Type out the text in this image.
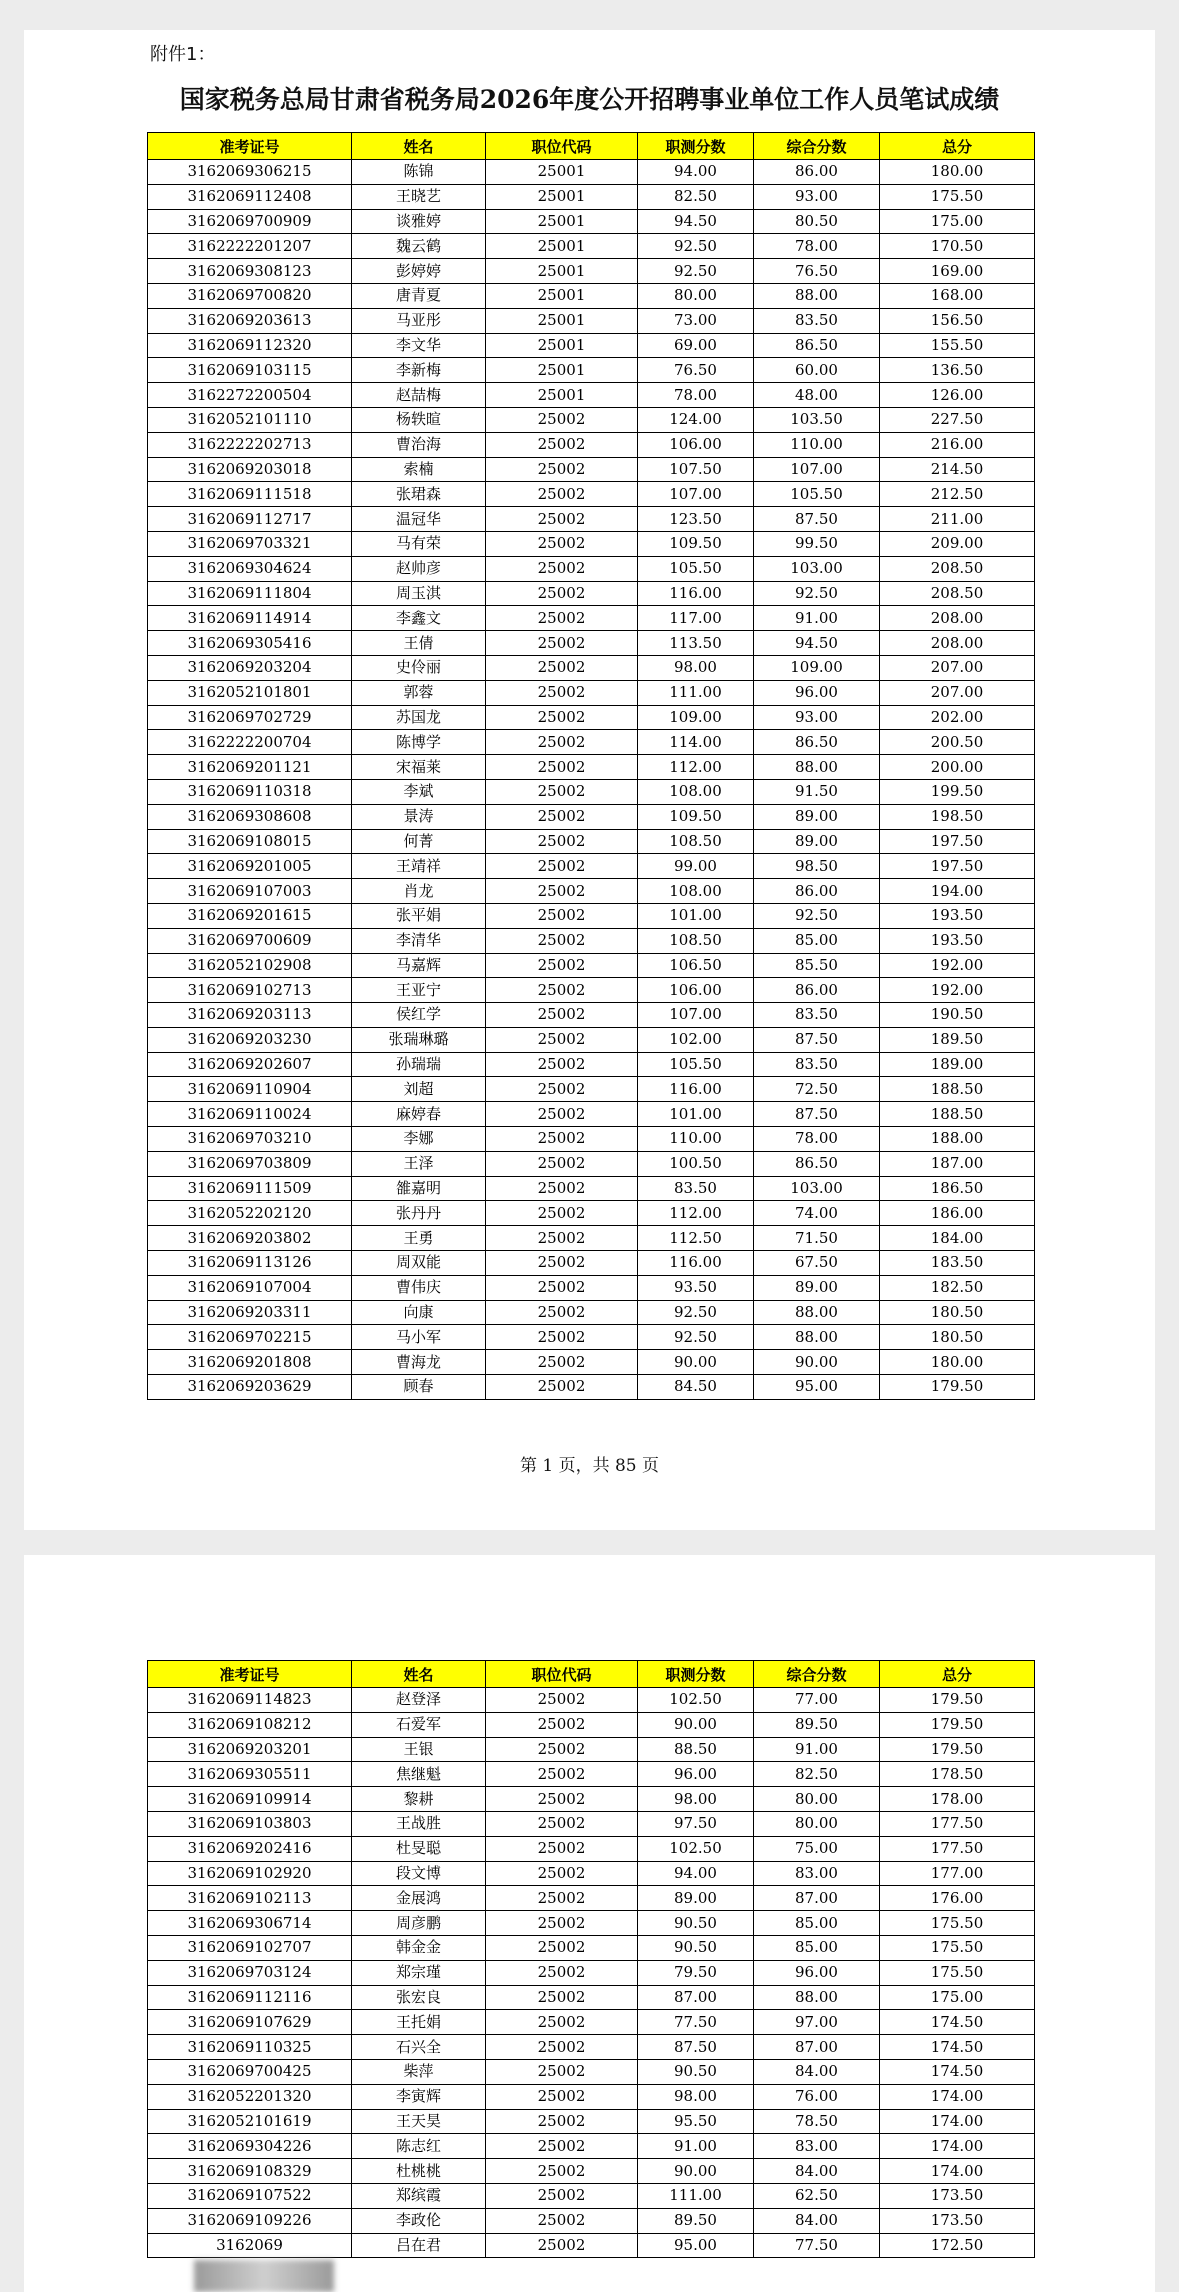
附件1：
国家税务总局甘肃省税务局2026年度公开招聘事业单位工作人员笔试成绩
准考证号	姓名	职位代码	职测分数	综合分数	总分
3162069306215	陈锦	25001	94.00	86.00	180.00
3162069112408	王晓艺	25001	82.50	93.00	175.50
3162069700909	谈雅婷	25001	94.50	80.50	175.00
3162222201207	魏云鹤	25001	92.50	78.00	170.50
3162069308123	彭婷婷	25001	92.50	76.50	169.00
3162069700820	唐青夏	25001	80.00	88.00	168.00
3162069203613	马亚彤	25001	73.00	83.50	156.50
3162069112320	李文华	25001	69.00	86.50	155.50
3162069103115	李新梅	25001	76.50	60.00	136.50
3162272200504	赵喆梅	25001	78.00	48.00	126.00
3162052101110	杨轶暄	25002	124.00	103.50	227.50
3162222202713	曹治海	25002	106.00	110.00	216.00
3162069203018	索楠	25002	107.50	107.00	214.50
3162069111518	张珺森	25002	107.00	105.50	212.50
3162069112717	温冠华	25002	123.50	87.50	211.00
3162069703321	马有荣	25002	109.50	99.50	209.00
3162069304624	赵帅彦	25002	105.50	103.00	208.50
3162069111804	周玉淇	25002	116.00	92.50	208.50
3162069114914	李鑫文	25002	117.00	91.00	208.00
3162069305416	王倩	25002	113.50	94.50	208.00
3162069203204	史伶丽	25002	98.00	109.00	207.00
3162052101801	郭蓉	25002	111.00	96.00	207.00
3162069702729	苏国龙	25002	109.00	93.00	202.00
3162222200704	陈博学	25002	114.00	86.50	200.50
3162069201121	宋福莱	25002	112.00	88.00	200.00
3162069110318	李斌	25002	108.00	91.50	199.50
3162069308608	景涛	25002	109.50	89.00	198.50
3162069108015	何菁	25002	108.50	89.00	197.50
3162069201005	王靖祥	25002	99.00	98.50	197.50
3162069107003	肖龙	25002	108.00	86.00	194.00
3162069201615	张平娟	25002	101.00	92.50	193.50
3162069700609	李清华	25002	108.50	85.00	193.50
3162052102908	马嘉辉	25002	106.50	85.50	192.00
3162069102713	王亚宁	25002	106.00	86.00	192.00
3162069203113	侯红学	25002	107.00	83.50	190.50
3162069203230	张瑞琳璐	25002	102.00	87.50	189.50
3162069202607	孙瑞瑞	25002	105.50	83.50	189.00
3162069110904	刘超	25002	116.00	72.50	188.50
3162069110024	麻婷春	25002	101.00	87.50	188.50
3162069703210	李娜	25002	110.00	78.00	188.00
3162069703809	王泽	25002	100.50	86.50	187.00
3162069111509	雒嘉明	25002	83.50	103.00	186.50
3162052202120	张丹丹	25002	112.00	74.00	186.00
3162069203802	王勇	25002	112.50	71.50	184.00
3162069113126	周双能	25002	116.00	67.50	183.50
3162069107004	曹伟庆	25002	93.50	89.00	182.50
3162069203311	向康	25002	92.50	88.00	180.50
3162069702215	马小军	25002	92.50	88.00	180.50
3162069201808	曹海龙	25002	90.00	90.00	180.00
3162069203629	顾春	25002	84.50	95.00	179.50
第 1 页，共 85 页
准考证号	姓名	职位代码	职测分数	综合分数	总分
3162069114823	赵登泽	25002	102.50	77.00	179.50
3162069108212	石爱军	25002	90.00	89.50	179.50
3162069203201	王银	25002	88.50	91.00	179.50
3162069305511	焦继魁	25002	96.00	82.50	178.50
3162069109914	黎耕	25002	98.00	80.00	178.00
3162069103803	王战胜	25002	97.50	80.00	177.50
3162069202416	杜旻聪	25002	102.50	75.00	177.50
3162069102920	段文博	25002	94.00	83.00	177.00
3162069102113	金展鸿	25002	89.00	87.00	176.00
3162069306714	周彦鹏	25002	90.50	85.00	175.50
3162069102707	韩金金	25002	90.50	85.00	175.50
3162069703124	郑宗瑾	25002	79.50	96.00	175.50
3162069112116	张宏良	25002	87.00	88.00	175.00
3162069107629	王托娟	25002	77.50	97.00	174.50
3162069110325	石兴全	25002	87.50	87.00	174.50
3162069700425	柴萍	25002	90.50	84.00	174.50
3162052201320	李寅辉	25002	98.00	76.00	174.00
3162052101619	王天昊	25002	95.50	78.50	174.00
3162069304226	陈志红	25002	91.00	83.00	174.00
3162069108329	杜桃桃	25002	90.00	84.00	174.00
3162069107522	郑缤霞	25002	111.00	62.50	173.50
3162069109226	李政伦	25002	89.50	84.00	173.50
3162069	吕在君	25002	95.00	77.50	172.50
